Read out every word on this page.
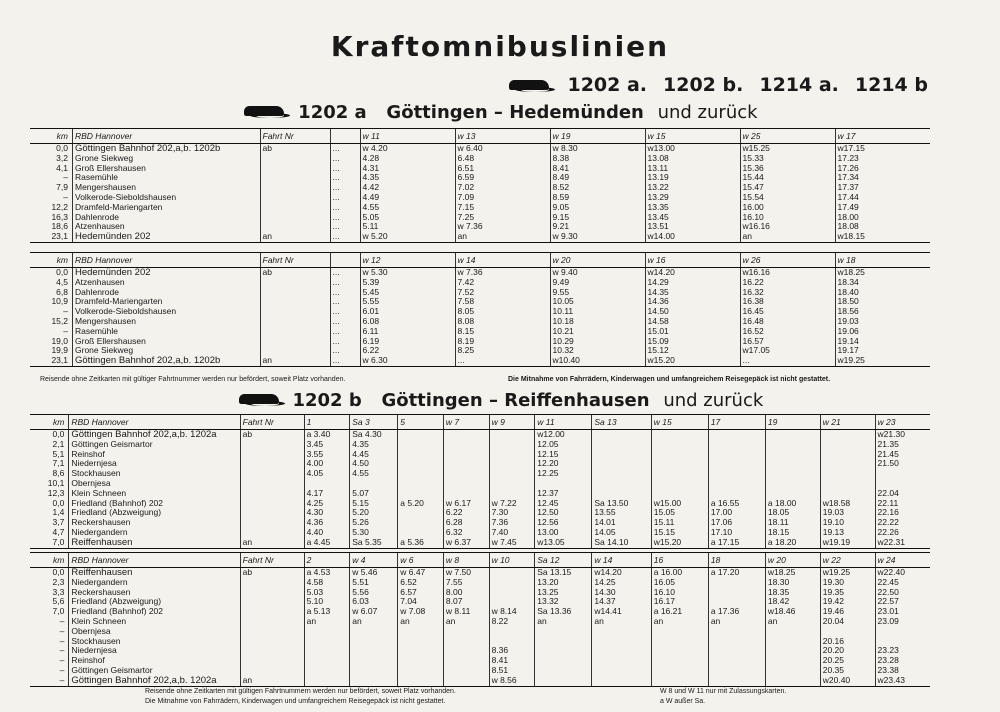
Kraftomnibuslinien
1202 a. 1202 b. 1214 a. 1214 b
1202 a Göttingen – Hedemünden und zurück
km	RBD Hannover	Fahrt Nr		w 11	w 13	w 19	w 15	w 25	w 17
0,0	Göttingen Bahnhof 202,a,b. 1202b	ab	...	w 4.20	w 6.40	w 8.30	w13.00	w15.25	w17.15
3,2	Grone Siekweg		...	4.28	6.48	8.38	13.08	15.33	17.23
4,1	Groß Ellershausen		...	4.31	6.51	8.41	13.11	15.36	17.26
–	Rasemühle		...	4.35	6.59	8.49	13.19	15.44	17.34
7,9	Mengershausen		...	4.42	7.02	8.52	13.22	15.47	17.37
–	Volkerode-Sieboldshausen		...	4.49	7.09	8.59	13.29	15.54	17.44
12,2	Dramfeld-Mariengarten		...	4.55	7.15	9.05	13.35	16.00	17.49
16,3	Dahlenrode		...	5.05	7.25	9.15	13.45	16.10	18.00
18,6	Atzenhausen		...	5.11	w 7.36	9.21	13.51	w16.16	18.08
23,1	Hedemünden 202	an	...	w 5.20	an	w 9.30	w14.00	an	w18.15
km	RBD Hannover	Fahrt Nr		w 12	w 14	w 20	w 16	w 26	w 18
0,0	Hedemünden 202	ab	...	w 5.30	w 7.36	w 9.40	w14.20	w16.16	w18.25
4,5	Atzenhausen		...	5.39	7.42	9.49	14.29	16.22	18.34
6,8	Dahlenrode		...	5.45	7.52	9.55	14.35	16.32	18.40
10,9	Dramfeld-Mariengarten		...	5.55	7.58	10.05	14.36	16.38	18.50
–	Volkerode-Sieboldshausen		...	6.01	8.05	10.11	14.50	16.45	18.56
15,2	Mengershausen		...	6.08	8.08	10.18	14.58	16.48	19.03
–	Rasemühle		...	6.11	8.15	10.21	15.01	16.52	19.06
19,0	Groß Ellershausen		...	6.19	8.19	10.29	15.09	16.57	19.14
19,9	Grone Siekweg		...	6.22	8.25	10.32	15.12	w17.05	19.17
23,1	Göttingen Bahnhof 202,a,b. 1202b	an	...	w 6.30	...	w10.40	w15.20	...	w19.25
Reisende ohne Zeitkarten mit gültiger Fahrtnummer werden nur befördert, soweit Platz vorhanden.	Die Mitnahme von Fahrrädern, Kinderwagen und umfangreichem Reisegepäck ist nicht gestattet.
1202 b Göttingen – Reiffenhausen und zurück
km	RBD Hannover	Fahrt Nr	1	Sa 3	5	w 7	w 9	w 11	Sa 13	w 15	17	19	w 21	w 23
0,0	Göttingen Bahnhof 202,a,b. 1202a	ab	a 3.40	Sa 4.30				w12.00						w21.30
2,1	Göttingen Geismartor		3.45	4.35				12.05						21.35
5,1	Reinshof		3.55	4.45				12.15						21.45
7,1	Niedernjesa		4.00	4.50				12.20						21.50
8,6	Stockhausen		4.05	4.55				12.25						
10,1	Obernjesa													
12,3	Klein Schneen		4.17	5.07				12.37						22.04
0,0	Friedland (Bahnhof) 202		4.25	5.15	a 5.20	w 6.17	w 7.22	12.45	Sa 13.50	w15.00	a 16.55	a 18.00	w18.58	22.11
1,4	Friedland (Abzweigung)		4.30	5.20		6.22	7.30	12.50	13.55	15.05	17.00	18.05	19.03	22.16
3,7	Reckershausen		4.36	5.26		6.28	7.36	12.56	14.01	15.11	17.06	18.11	19.10	22.22
4,7	Niedergandern		4.40	5.30		6.32	7.40	13.00	14.05	15.15	17.10	18.15	19.13	22.26
7,0	Reiffenhausen	an	a 4.45	Sa 5.35	a 5.36	w 6.37	w 7.45	w13.05	Sa 14.10	w15.20	a 17.15	a 18.20	w19.19	w22.31
km	RBD Hannover	Fahrt Nr	2	w 4	w 6	w 8	w 10	Sa 12	w 14	16	18	w 20	w 22	w 24
0,0	Reiffenhausen	ab	a 4.53	w 5.46	w 6.47	w 7.50		Sa 13.15	w14.20	a 16.00	a 17.20	w18.25	w19.25	w22.40
2,3	Niedergandern		4.58	5.51	6.52	7.55		13.20	14.25	16.05		18.30	19.30	22.45
3,3	Reckershausen		5.03	5.56	6.57	8.00		13.25	14.30	16.10		18.35	19.35	22.50
5,6	Friedland (Abzweigung)		5.10	6.03	7.04	8.07		13.32	14.37	16.17		18.42	19.42	22.57
7,0	Friedland (Bahnhof) 202		a 5.13	w 6.07	w 7.08	w 8.11	w 8.14	Sa 13.36	w14.41	a 16.21	a 17.36	w18.46	19.46	23.01
–	Klein Schneen		an	an	an	an	8.22	an	an	an	an	an	20.04	23.09
–	Obernjesa													
–	Stockhausen												20.16	
–	Niedernjesa						8.36						20.20	23.23
–	Reinshof						8.41						20.25	23.28
–	Göttingen Geismartor						8.51						20.35	23.38
–	Göttingen Bahnhof 202,a,b. 1202a	an					w 8.56						w20.40	w23.43
Reisende ohne Zeitkarten mit gültigen Fahrtnummern werden nur befördert, soweit Platz vorhanden.
Die Mitnahme von Fahrrädern, Kinderwagen und umfangreichem Reisegepäck ist nicht gestattet.
W 8 und W 11 nur mit Zulassungskarten.
a W außer Sa.
